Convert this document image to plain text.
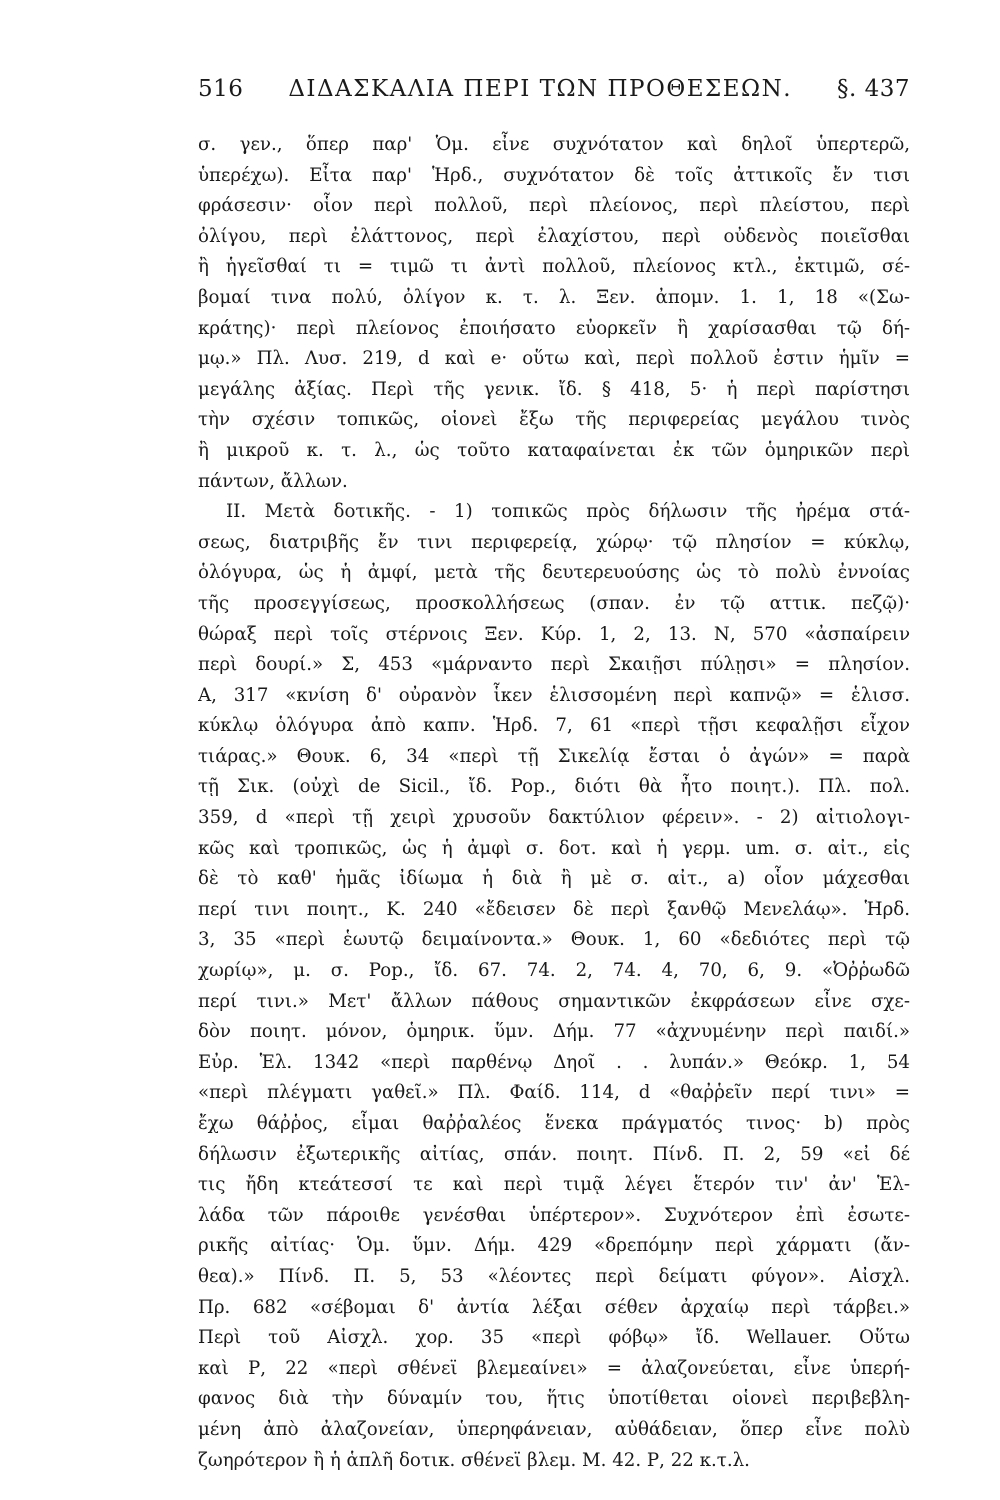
516 ΔΙΔΑΣΚΑΛΙΑ ΠΕΡΙ ΤΩΝ ΠΡΟΘΕΣΕΩΝ. §. 437
σ. γεν., ὅπερ παρ' Ὁμ. εἶνε συχνότατον καὶ δηλοῖ ὑπερτερῶ,
ὑπερέχω). Εἶτα παρ' Ἡρδ., συχνότατον δὲ τοῖς ἀττικοῖς ἔν τισι
φράσεσιν· οἷον περὶ πολλοῦ, περὶ πλείονος, περὶ πλείστου, περὶ
ὀλίγου, περὶ ἐλάττονος, περὶ ἐλαχίστου, περὶ οὐδενὸς ποιεῖσθαι
ἢ ἡγεῖσθαί τι = τιμῶ τι ἀντὶ πολλοῦ, πλείονος κτλ., ἐκτιμῶ, σέ-
βομαί τινα πολύ, ὀλίγον κ. τ. λ. Ξεν. ἀπομν. 1. 1, 18 «(Σω-
κράτης)· περὶ πλείονος ἐποιήσατο εὐορκεῖν ἢ χαρίσασθαι τῷ δή-
μῳ.» Πλ. Λυσ. 219, d καὶ e· οὕτω καὶ, περὶ πολλοῦ ἐστιν ἡμῖν =
μεγάλης ἀξίας. Περὶ τῆς γενικ. ἴδ. § 418, 5· ἡ περὶ παρίστησι
τὴν σχέσιν τοπικῶς, οἱονεὶ ἔξω τῆς περιφερείας μεγάλου τινὸς
ἢ μικροῦ κ. τ. λ., ὡς τοῦτο καταφαίνεται ἐκ τῶν ὁμηρικῶν περὶ
πάντων, ἄλλων.
ΙΙ. Μετὰ δοτικῆς. - 1) τοπικῶς πρὸς δήλωσιν τῆς ἠρέμα στά-
σεως, διατριβῆς ἔν τινι περιφερείᾳ, χώρῳ· τῷ πλησίον = κύκλῳ,
ὁλόγυρα, ὡς ἡ ἀμφί, μετὰ τῆς δευτερευούσης ὡς τὸ πολὺ ἐννοίας
τῆς προσεγγίσεως, προσκολλήσεως (σπαν. ἐν τῷ αττικ. πεζῷ)·
θώραξ περὶ τοῖς στέρνοις Ξεν. Κύρ. 1, 2, 13. Ν, 570 «ἀσπαίρειν
περὶ δουρί.» Σ, 453 «μάρναντο περὶ Σκαιῇσι πύλῃσι» = πλησίον.
Α, 317 «κνίση δ' οὐρανὸν ἷκεν ἑλισσομένη περὶ καπνῷ» = ἑλισσ.
κύκλῳ ὁλόγυρα ἀπὸ καπν. Ἡρδ. 7, 61 «περὶ τῇσι κεφαλῇσι εἶχον
τιάρας.» Θουκ. 6, 34 «περὶ τῇ Σικελίᾳ ἔσται ὁ ἀγών» = παρὰ
τῇ Σικ. (οὐχὶ de Sicil., ἴδ. Pop., διότι θὰ ἦτο ποιητ.). Πλ. πολ.
359, d «περὶ τῇ χειρὶ χρυσοῦν δακτύλιον φέρειν». - 2) αἰτιολογι-
κῶς καὶ τροπικῶς, ὡς ἡ ἀμφὶ σ. δοτ. καὶ ἡ γερμ. um. σ. αἰτ., εἰς
δὲ τὸ καθ' ἡμᾶς ἰδίωμα ἡ διὰ ἢ μὲ σ. αἰτ., a) οἷον μάχεσθαι
περί τινι ποιητ., Κ. 240 «ἔδεισεν δὲ περὶ ξανθῷ Μενελάῳ». Ἡρδ.
3, 35 «περὶ ἑωυτῷ δειμαίνοντα.» Θουκ. 1, 60 «δεδιότες περὶ τῷ
χωρίῳ», μ. σ. Pop., ἴδ. 67. 74. 2, 74. 4, 70, 6, 9. «Ὀῤῥωδῶ
περί τινι.» Μετ' ἄλλων πάθους σημαντικῶν ἐκφράσεων εἶνε σχε-
δὸν ποιητ. μόνον, ὁμηρικ. ὕμν. Δήμ. 77 «ἀχνυμένην περὶ παιδί.»
Εὐρ. Ἑλ. 1342 «περὶ παρθένῳ Δηοῖ . . λυπάν.» Θεόκρ. 1, 54
«περὶ πλέγματι γαθεῖ.» Πλ. Φαίδ. 114, d «θαῤῥεῖν περί τινι» =
ἔχω θάῤῥος, εἶμαι θαῤῥαλέος ἕνεκα πράγματός τινος· b) πρὸς
δήλωσιν ἐξωτερικῆς αἰτίας, σπάν. ποιητ. Πίνδ. Π. 2, 59 «εἰ δέ
τις ἤδη κτεάτεσσί τε καὶ περὶ τιμᾷ λέγει ἕτερόν τιν' ἀν' Ἑλ-
λάδα τῶν πάροιθε γενέσθαι ὑπέρτερον». Συχνότερον ἐπὶ ἐσωτε-
ρικῆς αἰτίας· Ὁμ. ὕμν. Δήμ. 429 «δρεπόμην περὶ χάρματι (ἄν-
θεα).» Πίνδ. Π. 5, 53 «λέοντες περὶ δείματι φύγον». Αἰσχλ.
Πρ. 682 «σέβομαι δ' ἀντία λέξαι σέθεν ἀρχαίῳ περὶ τάρβει.»
Περὶ τοῦ Αἰσχλ. χορ. 35 «περὶ φόβῳ» ἴδ. Wellauer. Οὕτω
καὶ Ρ, 22 «περὶ σθένεϊ βλεμεαίνει» = ἀλαζονεύεται, εἶνε ὑπερή-
φανος διὰ τὴν δύναμίν του, ἥτις ὑποτίθεται οἱονεὶ περιβεβλη-
μένη ἀπὸ ἀλαζονείαν, ὑπερηφάνειαν, αὐθάδειαν, ὅπερ εἶνε πολὺ
ζωηρότερον ἢ ἡ ἁπλῆ δοτικ. σθένεϊ βλεμ. Μ. 42. Ρ, 22 κ.τ.λ.
